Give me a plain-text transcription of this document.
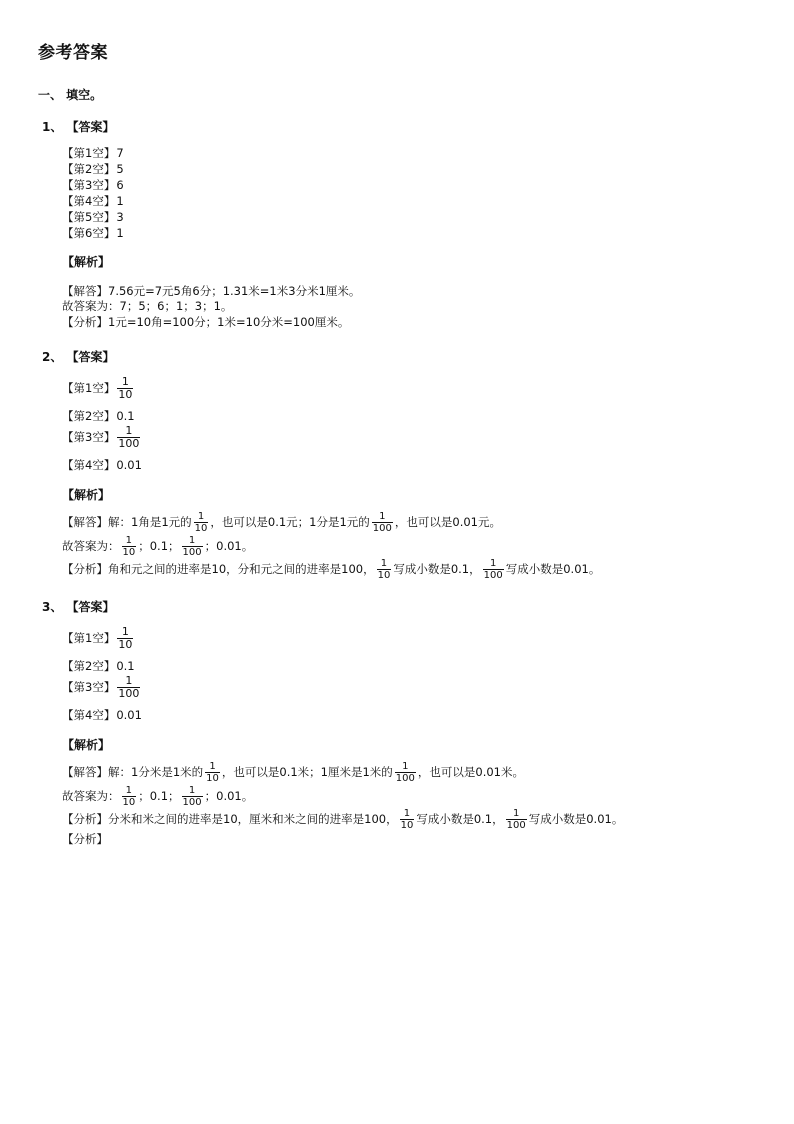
参考答案
一、 填空。
1、 【答案】
【第1空】7
【第2空】5
【第3空】6
【第4空】1
【第5空】3
【第6空】1
【解析】
【解答】7.56元=7元5角6分；1.31米=1米3分米1厘米。
故答案为：7；5；6；1；3；1。
【分析】1元=10角=100分；1米=10分米=100厘米。
2、 【答案】
【第1空】 $\frac{1}{10}$
【第2空】0.1
【第3空】 $\frac{1}{100}$
【第4空】0.01
【解析】
【解答】解：1角是1元的 $\frac{1}{10}$ ，也可以是0.1元；1分是1元的 $\frac{1}{100}$ ，也可以是0.01元。
故答案为： $\frac{1}{10}$ ；0.1； $\frac{1}{100}$ ；0.01。
【分析】角和元之间的进率是10，分和元之间的进率是100， $\frac{1}{10}$ 写成小数是0.1， $\frac{1}{100}$ 写成小数是0.01。
3、 【答案】
【第1空】 $\frac{1}{10}$
【第2空】0.1
【第3空】 $\frac{1}{100}$
【第4空】0.01
【解析】
【解答】解：1分米是1米的 $\frac{1}{10}$ ，也可以是0.1米；1厘米是1米的 $\frac{1}{100}$ ，也可以是0.01米。
故答案为： $\frac{1}{10}$ ；0.1； $\frac{1}{100}$ ；0.01。
【分析】分米和米之间的进率是10，厘米和米之间的进率是100， $\frac{1}{10}$ 写成小数是0.1， $\frac{1}{100}$ 写成小数是0.01。
【分析】
